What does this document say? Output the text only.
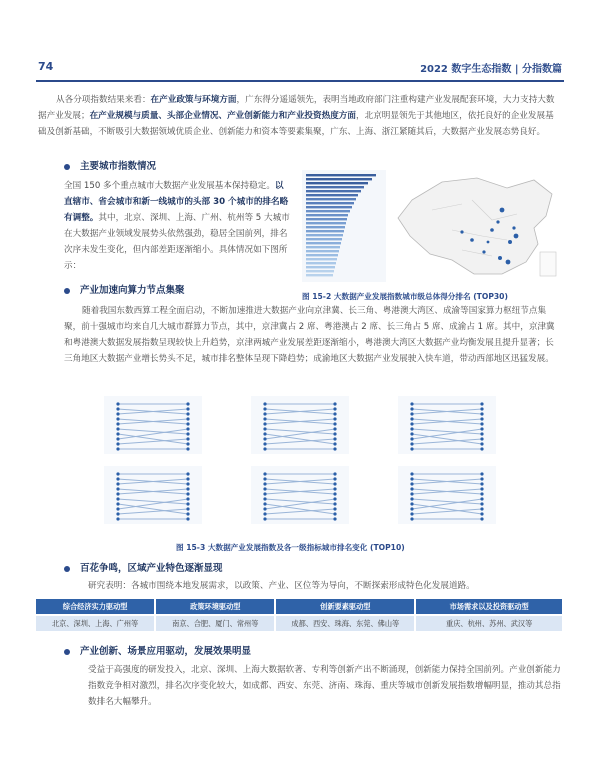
74	2022 数字生态指数 | 分指数篇
从各分项指数结果来看：在产业政策与环境方面，广东得分遥遥领先，表明当地政府部门注重构建产业发展配套环境，大力支持大数据产业发展；在产业规模与质量、头部企业情况、产业创新能力和产业投资热度方面，北京明显领先于其他地区，依托良好的企业发展基础及创新基础，不断吸引大数据领域优质企业、创新能力和资本等要素集聚，广东、上海、浙江紧随其后，大数据产业发展态势良好。
主要城市指数情况
全国 150 多个重点城市大数据产业发展基本保持稳定。以直辖市、省会城市和新一线城市的头部 30 个城市的排名略有调整。其中，北京、深圳、上海、广州、杭州等 5 大城市在大数据产业领域发展势头依然强劲，稳居全国前列，排名次序未发生变化，但内部差距逐渐缩小。具体情况如下图所示：
产业加速向算力节点集聚
图 15-2 大数据产业发展指数城市级总体得分排名 (TOP30)
随着我国东数西算工程全面启动，不断加速推进大数据产业向京津冀、长三角、粤港澳大湾区、成渝等国家算力枢纽节点集聚，前十强城市均来自几大城市群算力节点，其中，京津冀占 2 席、粤港澳占 2 席、长三角占 5 席、成渝占 1 席。其中，京津冀和粤港澳大数据发展指数呈现较快上升趋势，京津两城产业发展差距逐渐缩小，粤港澳大湾区大数据产业均衡发展且提升显著；长三角地区大数据产业增长势头不足，城市排名整体呈现下降趋势；成渝地区大数据产业发展驶入快车道，带动西部地区迅猛发展。
图 15-3 大数据产业发展指数及各一级指标城市排名变化 (TOP10)
百花争鸣，区域产业特色逐渐显现
研究表明：各城市围绕本地发展需求，以政策、产业、区位等为导向，不断探索形成特色化发展道路。
综合经济实力驱动型	政策环境驱动型	创新要素驱动型	市场需求以及投资驱动型
北京、深圳、上海、广州等	南京、合肥、厦门、常州等	成都、西安、珠海、东莞、佛山等	重庆、杭州、苏州、武汉等
产业创新、场景应用驱动，发展效果明显
受益于高强度的研发投入，北京、深圳、上海大数据软著、专利等创新产出不断涌现，创新能力保持全国前列。产业创新能力指数竞争相对激烈，排名次序变化较大，如成都、西安、东莞、济南、珠海、重庆等城市创新发展指数增幅明显，推动其总指数排名大幅攀升。
